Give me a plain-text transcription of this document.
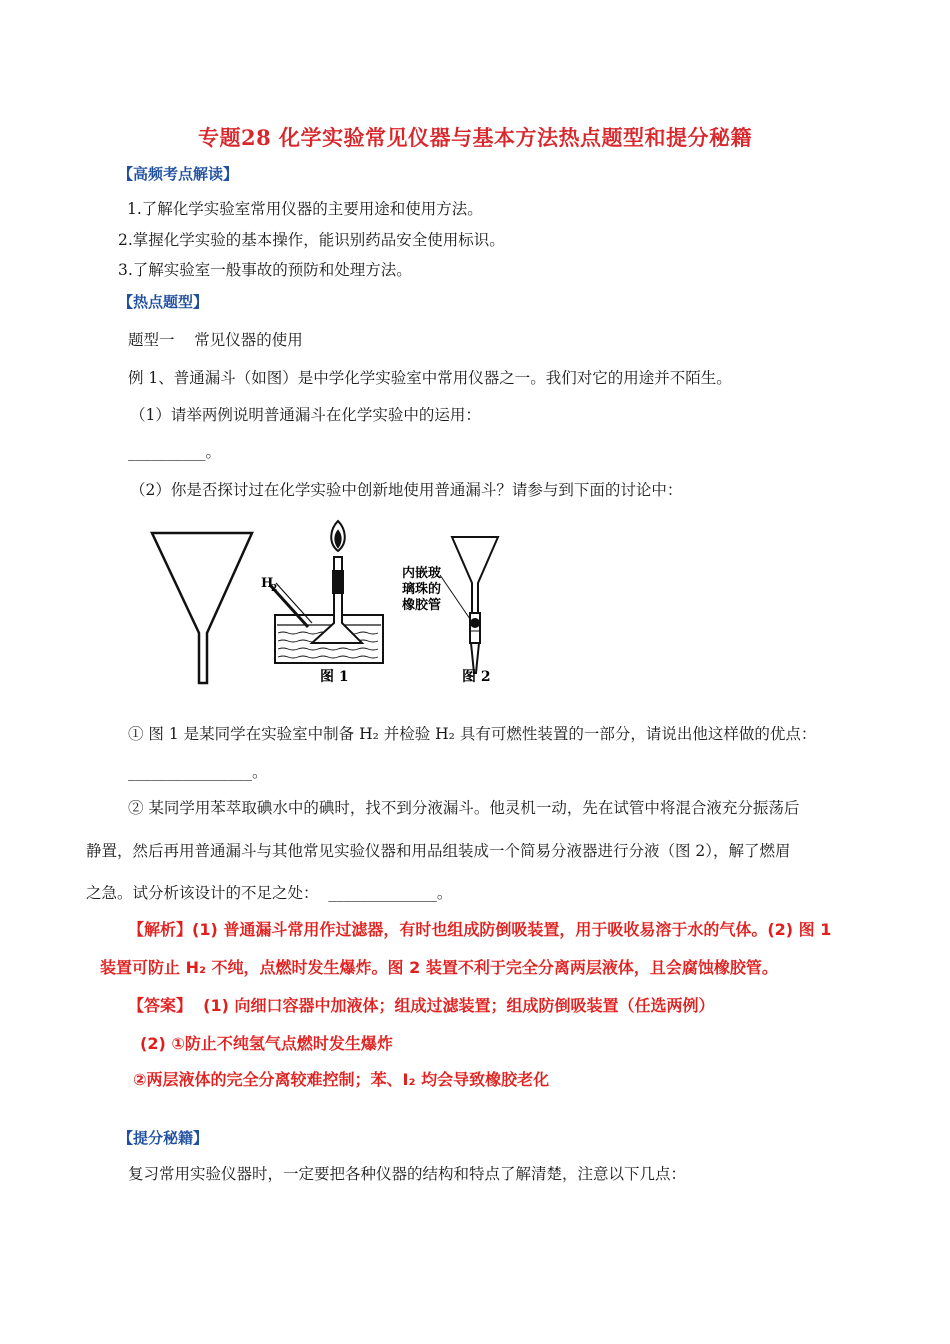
专题28 化学实验常见仪器与基本方法热点题型和提分秘籍
【高频考点解读】
1.了解化学实验室常用仪器的主要用途和使用方法。
2.掌握化学实验的基本操作，能识别药品安全使用标识。
3.了解实验室一般事故的预防和处理方法。
【热点题型】
题型一    常见仪器的使用
例 1、普通漏斗（如图）是中学化学实验室中常用仪器之一。我们对它的用途并不陌生。
（1）请举两例说明普通漏斗在化学实验中的运用：
__________。
（2）你是否探讨过在化学实验中创新地使用普通漏斗？请参与到下面的讨论中：
H
2
图 1
内嵌玻
璃珠的
橡胶管
图 2
① 图 1 是某同学在实验室中制备 H₂ 并检验 H₂ 具有可燃性装置的一部分，请说出他这样做的优点：
________________。
② 某同学用苯萃取碘水中的碘时，找不到分液漏斗。他灵机一动，先在试管中将混合液充分振荡后
静置，然后再用普通漏斗与其他常见实验仪器和用品组装成一个简易分液器进行分液（图 2），解了燃眉
之急。试分析该设计的不足之处：  ______________。
【解析】(1) 普通漏斗常用作过滤器，有时也组成防倒吸装置，用于吸收易溶于水的气体。(2) 图 1
装置可防止 H₂ 不纯，点燃时发生爆炸。图 2 装置不利于完全分离两层液体，且会腐蚀橡胶管。
【答案】  (1) 向细口容器中加液体；组成过滤装置；组成防倒吸装置（任选两例）
(2) ①防止不纯氢气点燃时发生爆炸
②两层液体的完全分离较难控制；苯、I₂ 均会导致橡胶老化
【提分秘籍】
复习常用实验仪器时，一定要把各种仪器的结构和特点了解清楚，注意以下几点：
